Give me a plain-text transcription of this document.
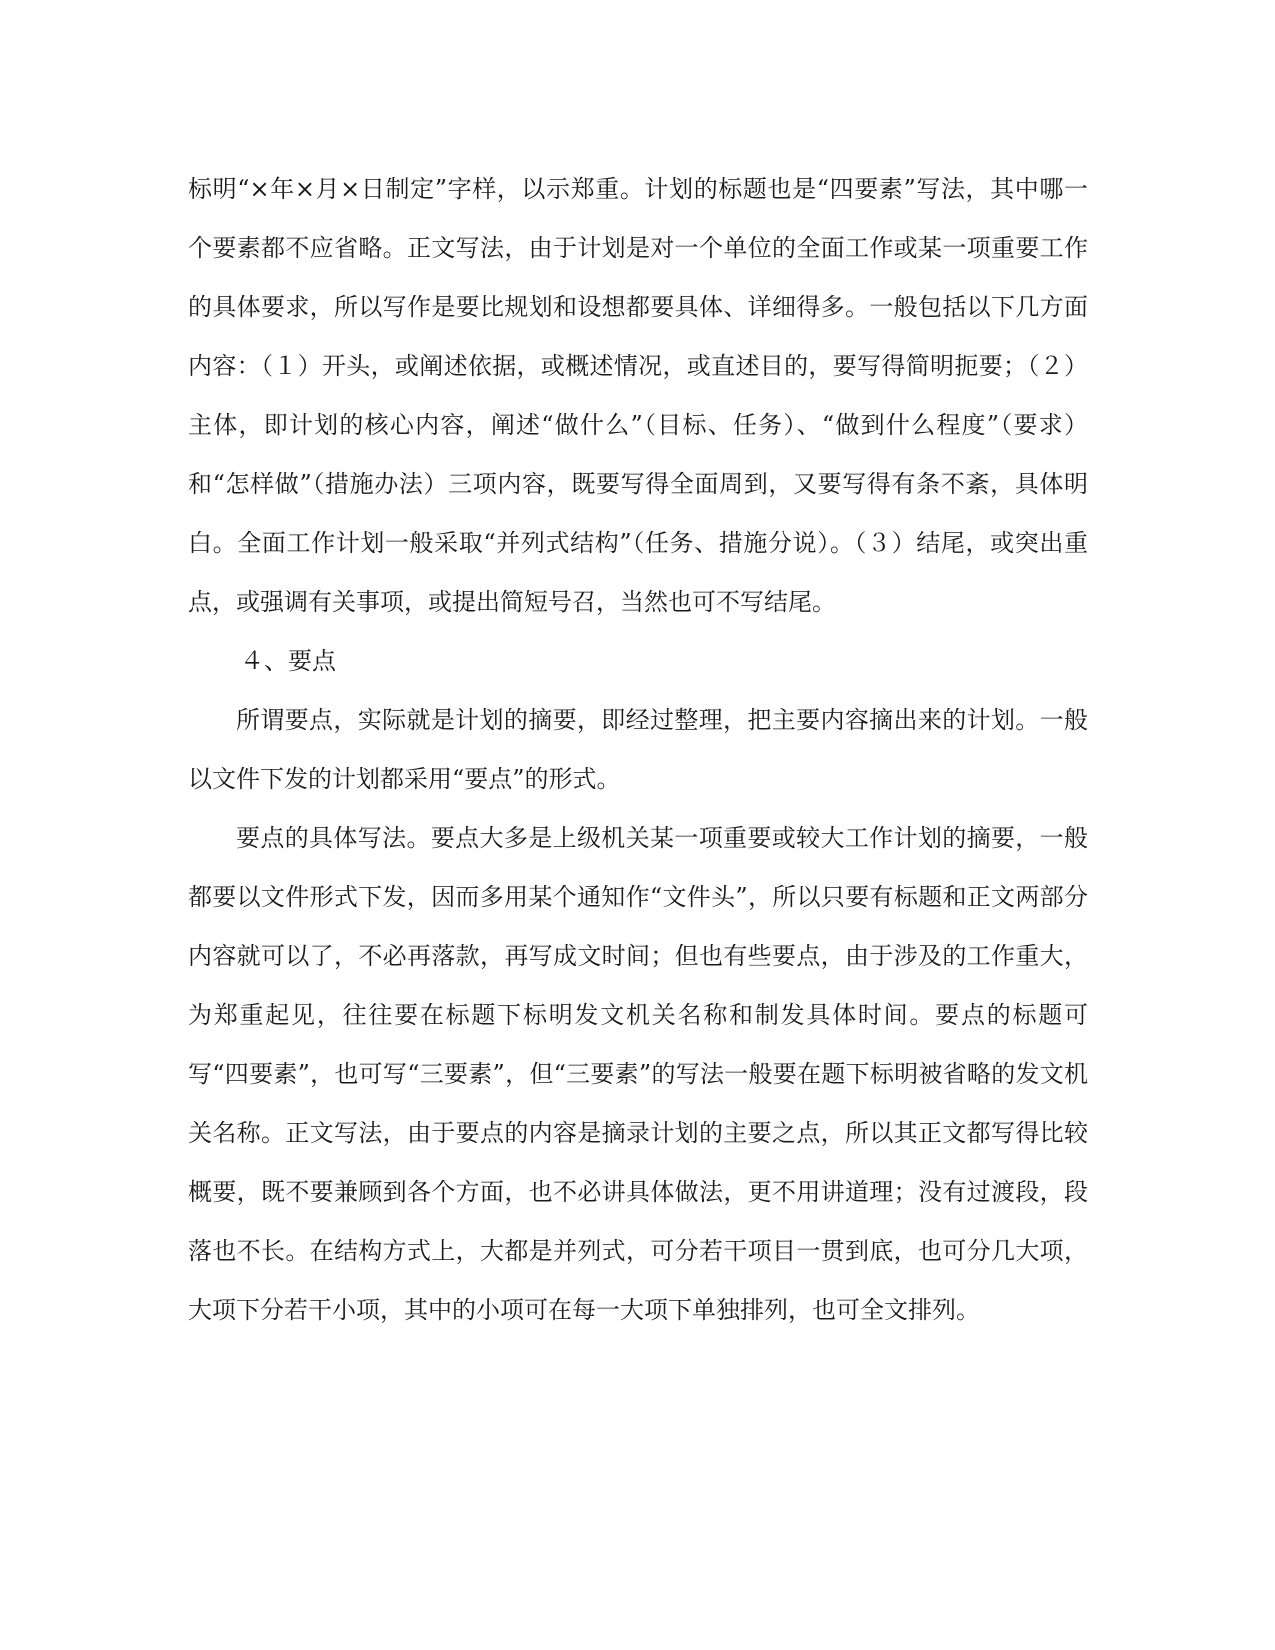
标明“×年×月×日制定”字样，以示郑重。计划的标题也是“四要素”写法，其中哪一个要素都不应省略。正文写法，由于计划是对一个单位的全面工作或某一项重要工作的具体要求，所以写作是要比规划和设想都要具体、详细得多。一般包括以下几方面内容：（１）开头，或阐述依据，或概述情况，或直述目的，要写得简明扼要；（２）主体，即计划的核心内容，阐述“做什么”（目标、任务）、“做到什么程度”（要求）和“怎样做”（措施办法）三项内容，既要写得全面周到，又要写得有条不紊，具体明白。全面工作计划一般采取“并列式结构”（任务、措施分说）。（３）结尾，或突出重点，或强调有关事项，或提出简短号召，当然也可不写结尾。

４、要点

所谓要点，实际就是计划的摘要，即经过整理，把主要内容摘出来的计划。一般以文件下发的计划都采用“要点”的形式。

要点的具体写法。要点大多是上级机关某一项重要或较大工作计划的摘要，一般都要以文件形式下发，因而多用某个通知作“文件头”，所以只要有标题和正文两部分内容就可以了，不必再落款，再写成文时间；但也有些要点，由于涉及的工作重大，为郑重起见，往往要在标题下标明发文机关名称和制发具体时间。要点的标题可写“四要素”，也可写“三要素”，但“三要素”的写法一般要在题下标明被省略的发文机关名称。正文写法，由于要点的内容是摘录计划的主要之点，所以其正文都写得比较概要，既不要兼顾到各个方面，也不必讲具体做法，更不用讲道理；没有过渡段，段落也不长。在结构方式上，大都是并列式，可分若干项目一贯到底，也可分几大项，大项下分若干小项，其中的小项可在每一大项下单独排列，也可全文排列。
